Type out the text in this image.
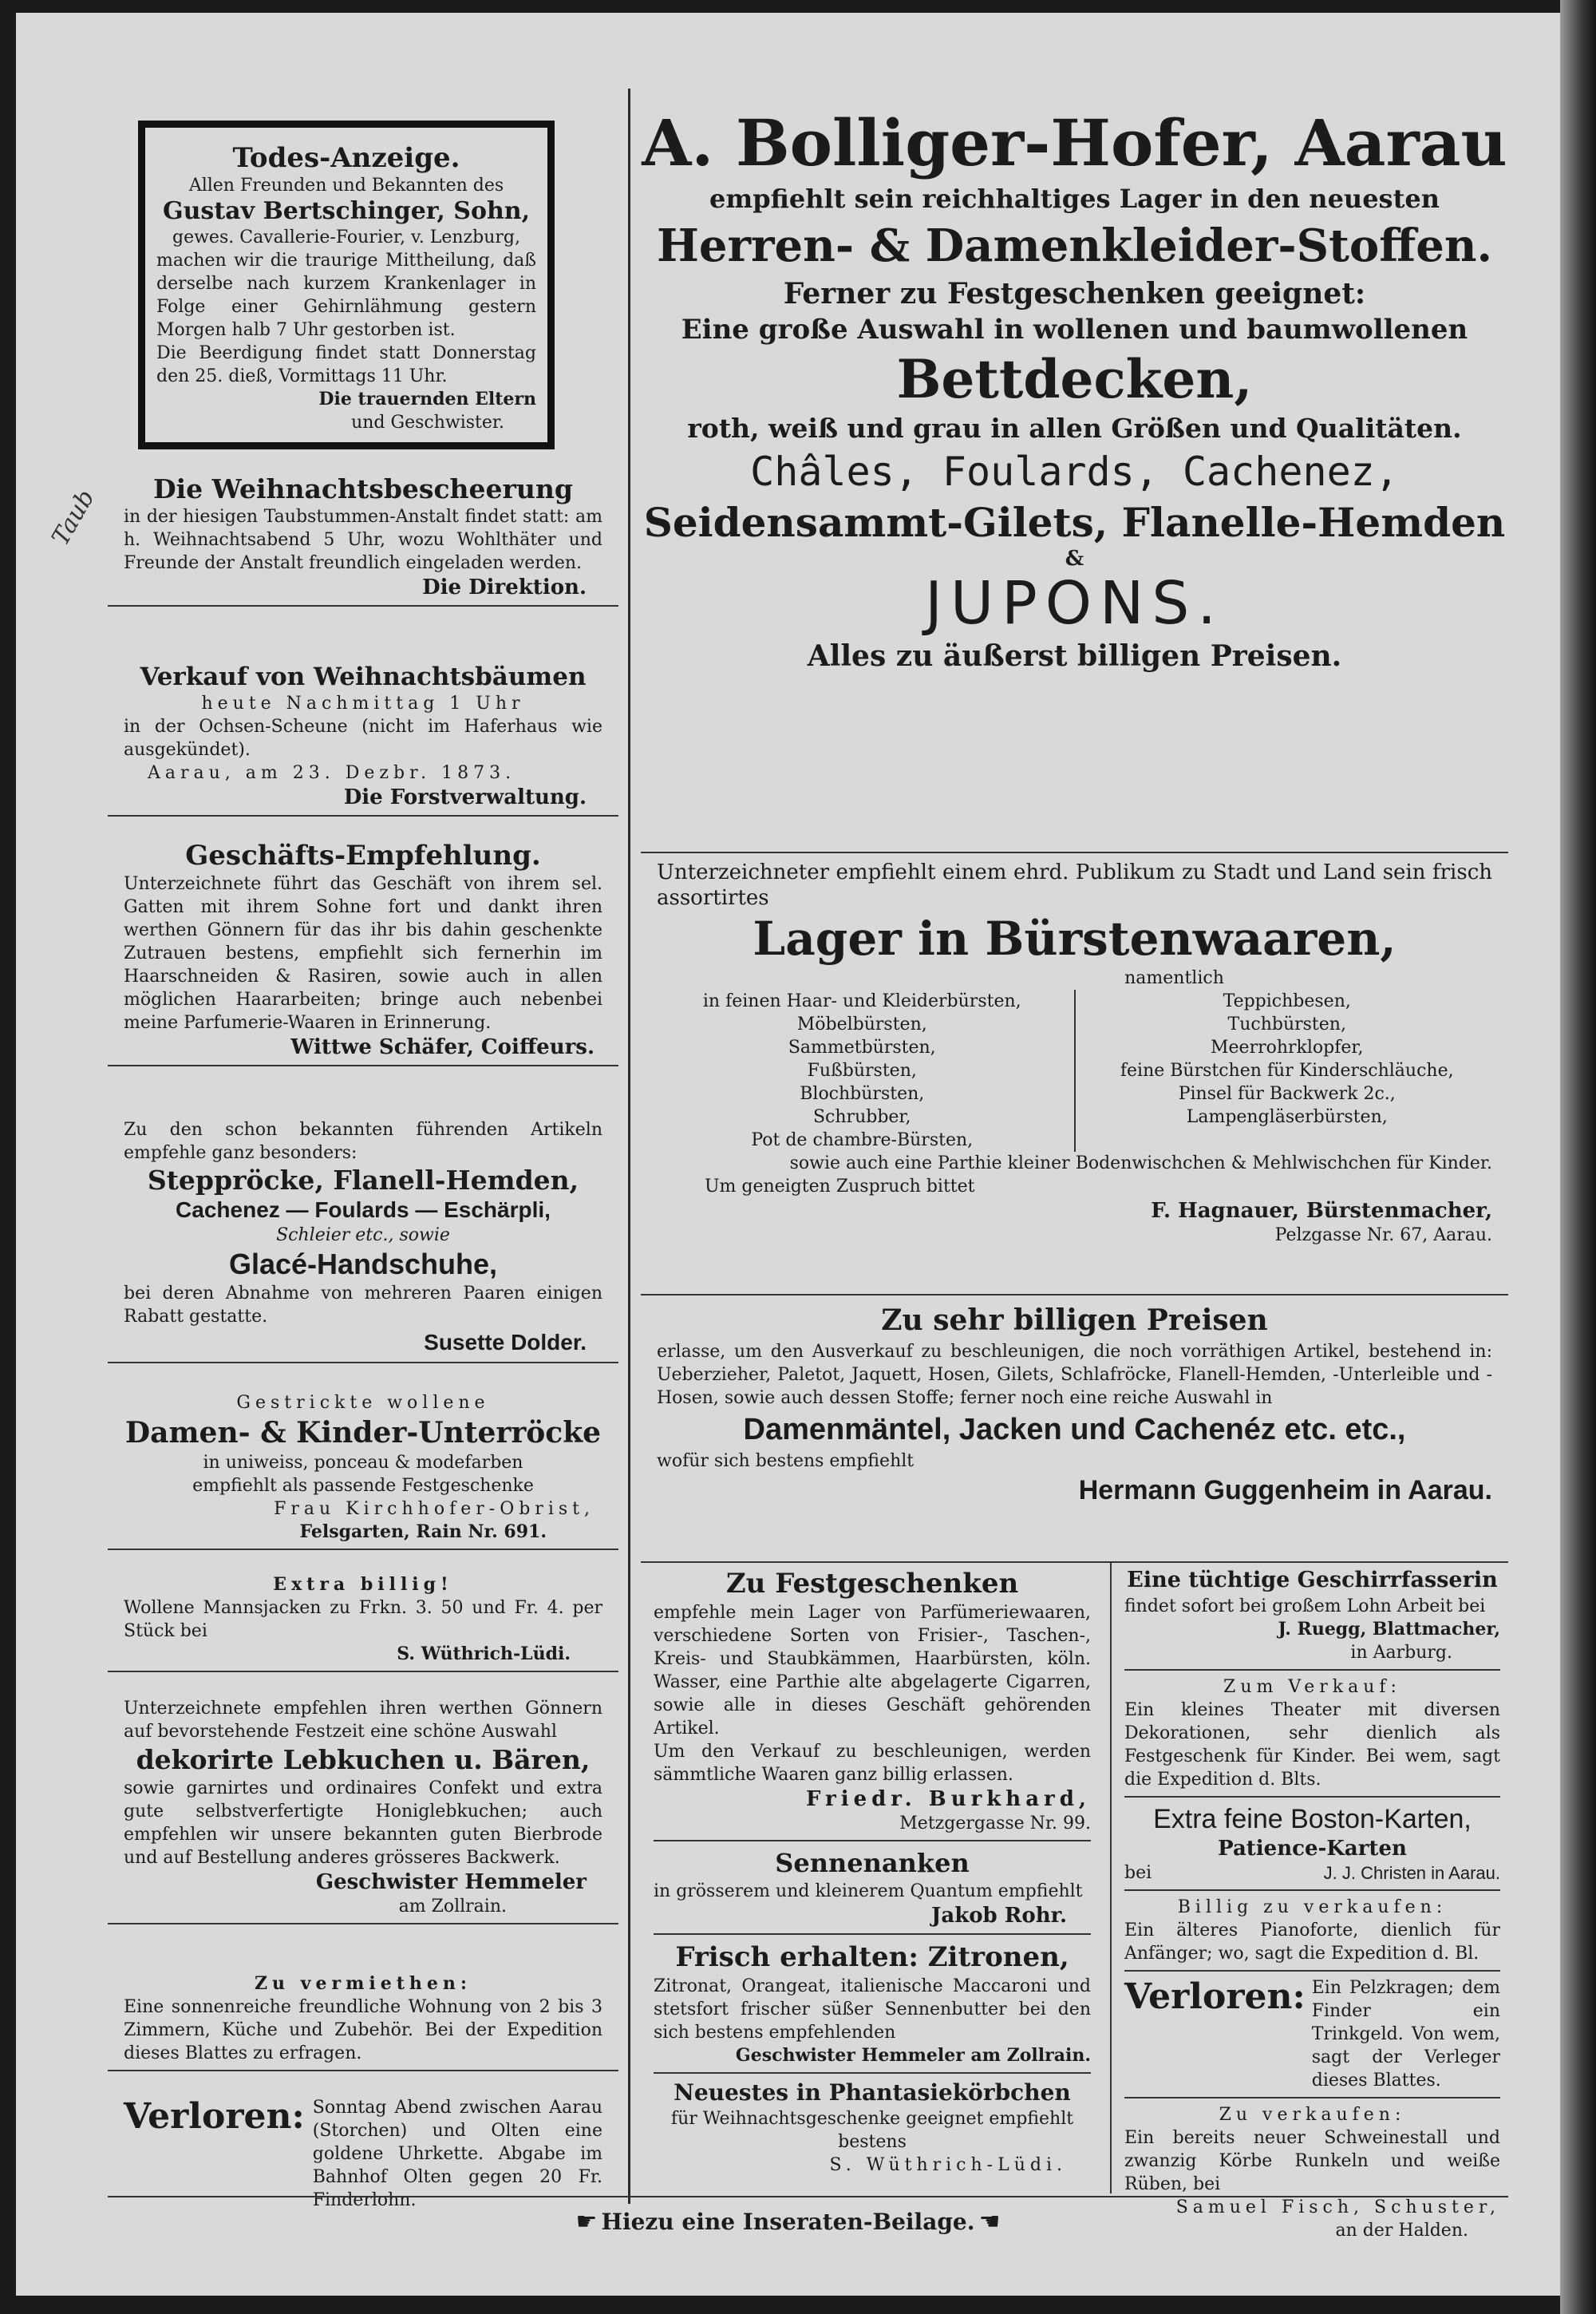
Taub

Todes-Anzeige.

Allen Freunden und Bekannten des

Gustav Bertschinger, Sohn,

gewes. Cavallerie-Fourier, v. Lenzburg,

machen wir die traurige Mittheilung, daß derselbe nach kurzem Krankenlager in Folge einer Gehirnlähmung gestern Morgen halb 7 Uhr gestorben ist.

Die Beerdigung findet statt Donnerstag den 25. dieß, Vormittags 11 Uhr.

Die trauernden Eltern

und Geschwister.

Die Weihnachtsbescheerung

in der hiesigen Taubstummen-Anstalt findet statt: am h. Weihnachtsabend 5 Uhr, wozu Wohlthäter und Freunde der Anstalt freundlich eingeladen werden.

Die Direktion.

Verkauf von Weihnachtsbäumen

heute Nachmittag 1 Uhr

in der Ochsen-Scheune (nicht im Haferhaus wie ausgekündet).

Aarau, am 23. Dezbr. 1873.

Die Forstverwaltung.

Geschäfts-Empfehlung.

Unterzeichnete führt das Geschäft von ihrem sel. Gatten mit ihrem Sohne fort und dankt ihren werthen Gönnern für das ihr bis dahin geschenkte Zutrauen bestens, empfiehlt sich fernerhin im Haarschneiden & Rasiren, sowie auch in allen möglichen Haararbeiten; bringe auch nebenbei meine Parfumerie-Waaren in Erinnerung.

Wittwe Schäfer, Coiffeurs.

Zu den schon bekannten führenden Artikeln empfehle ganz besonders:

Steppröcke, Flanell-Hemden,

Cachenez — Foulards — Eschärpli,

Schleier etc., sowie

Glacé-Handschuhe,

bei deren Abnahme von mehreren Paaren einigen Rabatt gestatte.

Susette Dolder.

Gestrickte wollene

Damen- & Kinder-Unterröcke

in uniweiss, ponceau & modefarben

empfiehlt als passende Festgeschenke

Frau Kirchhofer-Obrist,

Felsgarten, Rain Nr. 691.

Extra billig!

Wollene Mannsjacken zu Frkn. 3. 50 und Fr. 4. per Stück bei

S. Wüthrich-Lüdi.

Unterzeichnete empfehlen ihren werthen Gönnern auf bevorstehende Festzeit eine schöne Auswahl

dekorirte Lebkuchen u. Bären,

sowie garnirtes und ordinaires Confekt und extra gute selbstverfertigte Honiglebkuchen; auch empfehlen wir unsere bekannten guten Bierbrode und auf Bestellung anderes grösseres Backwerk.

Geschwister Hemmeler

am Zollrain.

Zu vermiethen:

Eine sonnenreiche freundliche Wohnung von 2 bis 3 Zimmern, Küche und Zubehör. Bei der Expedition dieses Blattes zu erfragen.

Verloren: Sonntag Abend zwischen Aarau (Storchen) und Olten eine goldene Uhrkette. Abgabe im Bahnhof Olten gegen 20 Fr. Finderlohn.

A. Bolliger-Hofer, Aarau

empfiehlt sein reichhaltiges Lager in den neuesten

Herren- & Damenkleider-Stoffen.

Ferner zu Festgeschenken geeignet:

Eine große Auswahl in wollenen und baumwollenen

Bettdecken,

roth, weiß und grau in allen Größen und Qualitäten.

Châles, Foulards, Cachenez,

Seidensammt-Gilets, Flanelle-Hemden

&

JUPONS.

Alles zu äußerst billigen Preisen.

Unterzeichneter empfiehlt einem ehrd. Publikum zu Stadt und Land sein frisch assortirtes

Lager in Bürstenwaaren,

namentlich

in feinen Haar- und Kleiderbürsten,

Möbelbürsten,

Sammetbürsten,

Fußbürsten,

Blochbürsten,

Schrubber,

Pot de chambre-Bürsten,

Teppichbesen,

Tuchbürsten,

Meerrohrklopfer,

feine Bürstchen für Kinderschläuche,

Pinsel für Backwerk 2c.,

Lampengläserbürsten,

sowie auch eine Parthie kleiner Bodenwischchen & Mehlwischchen für Kinder.

Um geneigten Zuspruch bittet

F. Hagnauer, Bürstenmacher,

Pelzgasse Nr. 67, Aarau.

Zu sehr billigen Preisen

erlasse, um den Ausverkauf zu beschleunigen, die noch vorräthigen Artikel, bestehend in: Ueberzieher, Paletot, Jaquett, Hosen, Gilets, Schlafröcke, Flanell-Hemden, -Unterleible und -Hosen, sowie auch dessen Stoffe; ferner noch eine reiche Auswahl in

Damenmäntel, Jacken und Cachenéz etc. etc.,

wofür sich bestens empfiehlt

Hermann Guggenheim in Aarau.

Zu Festgeschenken

empfehle mein Lager von Parfümeriewaaren, verschiedene Sorten von Frisier-, Taschen-, Kreis- und Staubkämmen, Haarbürsten, köln. Wasser, eine Parthie alte abgelagerte Cigarren, sowie alle in dieses Geschäft gehörenden Artikel.

Um den Verkauf zu beschleunigen, werden sämmtliche Waaren ganz billig erlassen.

Friedr. Burkhard,

Metzgergasse Nr. 99.

Sennenanken

in grösserem und kleinerem Quantum empfiehlt

Jakob Rohr.

Frisch erhalten: Zitronen,

Zitronat, Orangeat, italienische Maccaroni und stetsfort frischer süßer Sennenbutter bei den sich bestens empfehlenden

Geschwister Hemmeler am Zollrain.

Neuestes in Phantasiekörbchen

für Weihnachtsgeschenke geeignet empfiehlt bestens

S. Wüthrich-Lüdi.

Eine tüchtige Geschirrfasserin

findet sofort bei großem Lohn Arbeit bei

J. Ruegg, Blattmacher,

in Aarburg.

Zum Verkauf:

Ein kleines Theater mit diversen Dekorationen, sehr dienlich als Festgeschenk für Kinder. Bei wem, sagt die Expedition d. Blts.

Extra feine Boston-Karten,

Patience-Karten

bei	J. J. Christen in Aarau.

Billig zu verkaufen:

Ein älteres Pianoforte, dienlich für Anfänger; wo, sagt die Expedition d. Bl.

Verloren: Ein Pelzkragen; dem Finder ein Trinkgeld. Von wem, sagt der Verleger dieses Blattes.

Zu verkaufen:

Ein bereits neuer Schweinestall und zwanzig Körbe Runkeln und weiße Rüben, bei

Samuel Fisch, Schuster,

an der Halden.

☛ Hiezu eine Inseraten-Beilage. ☚
